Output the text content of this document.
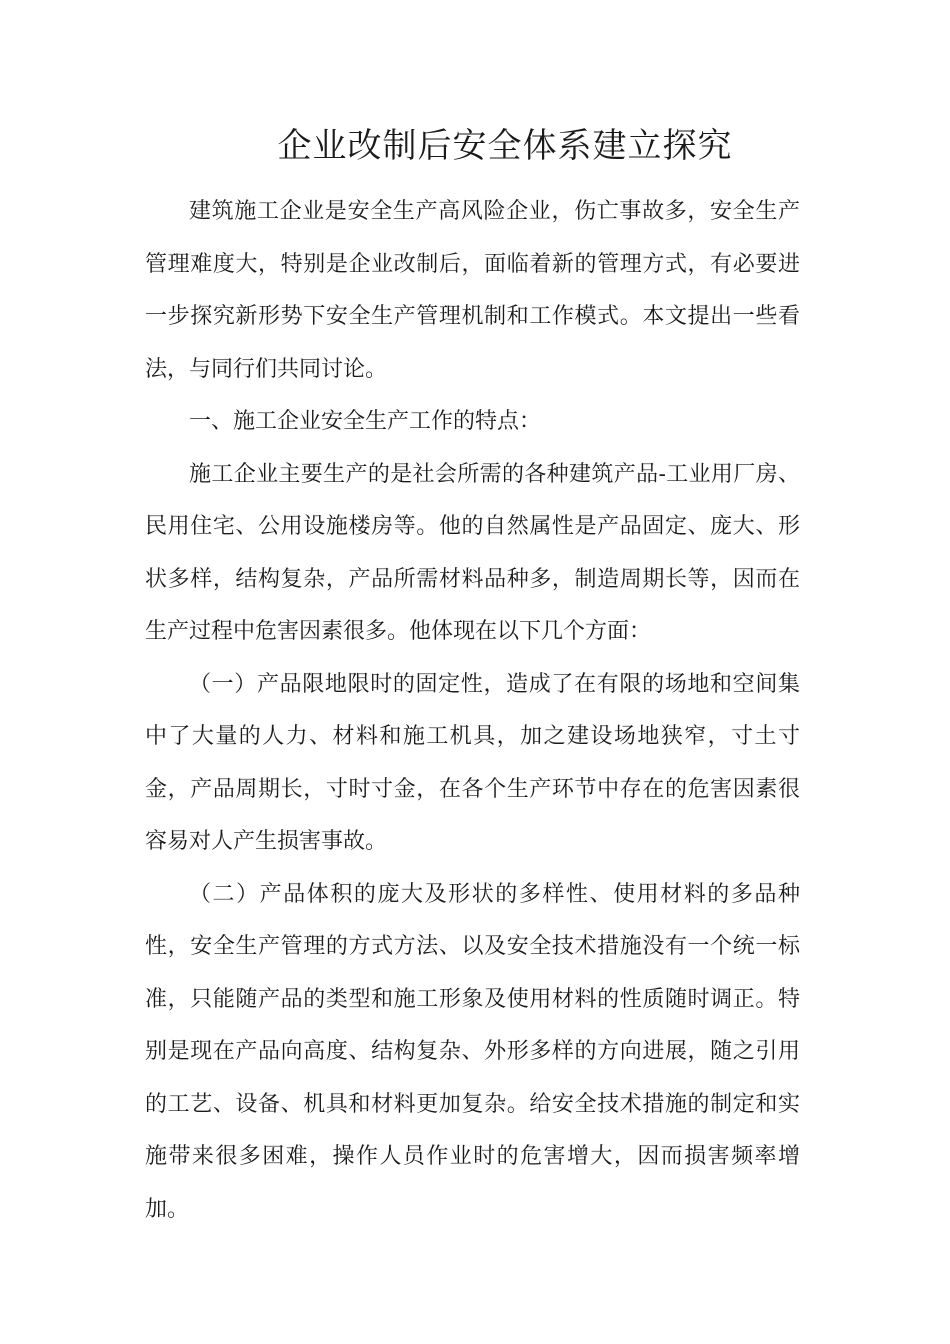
企业改制后安全体系建立探究

建筑施工企业是安全生产高风险企业，伤亡事故多，安全生产管理难度大，特别是企业改制后，面临着新的管理方式，有必要进一步探究新形势下安全生产管理机制和工作模式。本文提出一些看法，与同行们共同讨论。

一、施工企业安全生产工作的特点：

施工企业主要生产的是社会所需的各种建筑产品-工业用厂房、民用住宅、公用设施楼房等。他的自然属性是产品固定、庞大、形状多样，结构复杂，产品所需材料品种多，制造周期长等，因而在生产过程中危害因素很多。他体现在以下几个方面：

（一）产品限地限时的固定性，造成了在有限的场地和空间集中了大量的人力、材料和施工机具，加之建设场地狭窄，寸土寸金，产品周期长，寸时寸金，在各个生产环节中存在的危害因素很容易对人产生损害事故。

（二）产品体积的庞大及形状的多样性、使用材料的多品种性，安全生产管理的方式方法、以及安全技术措施没有一个统一标准，只能随产品的类型和施工形象及使用材料的性质随时调正。特别是现在产品向高度、结构复杂、外形多样的方向进展，随之引用的工艺、设备、机具和材料更加复杂。给安全技术措施的制定和实施带来很多困难，操作人员作业时的危害增大，因而损害频率增加。
